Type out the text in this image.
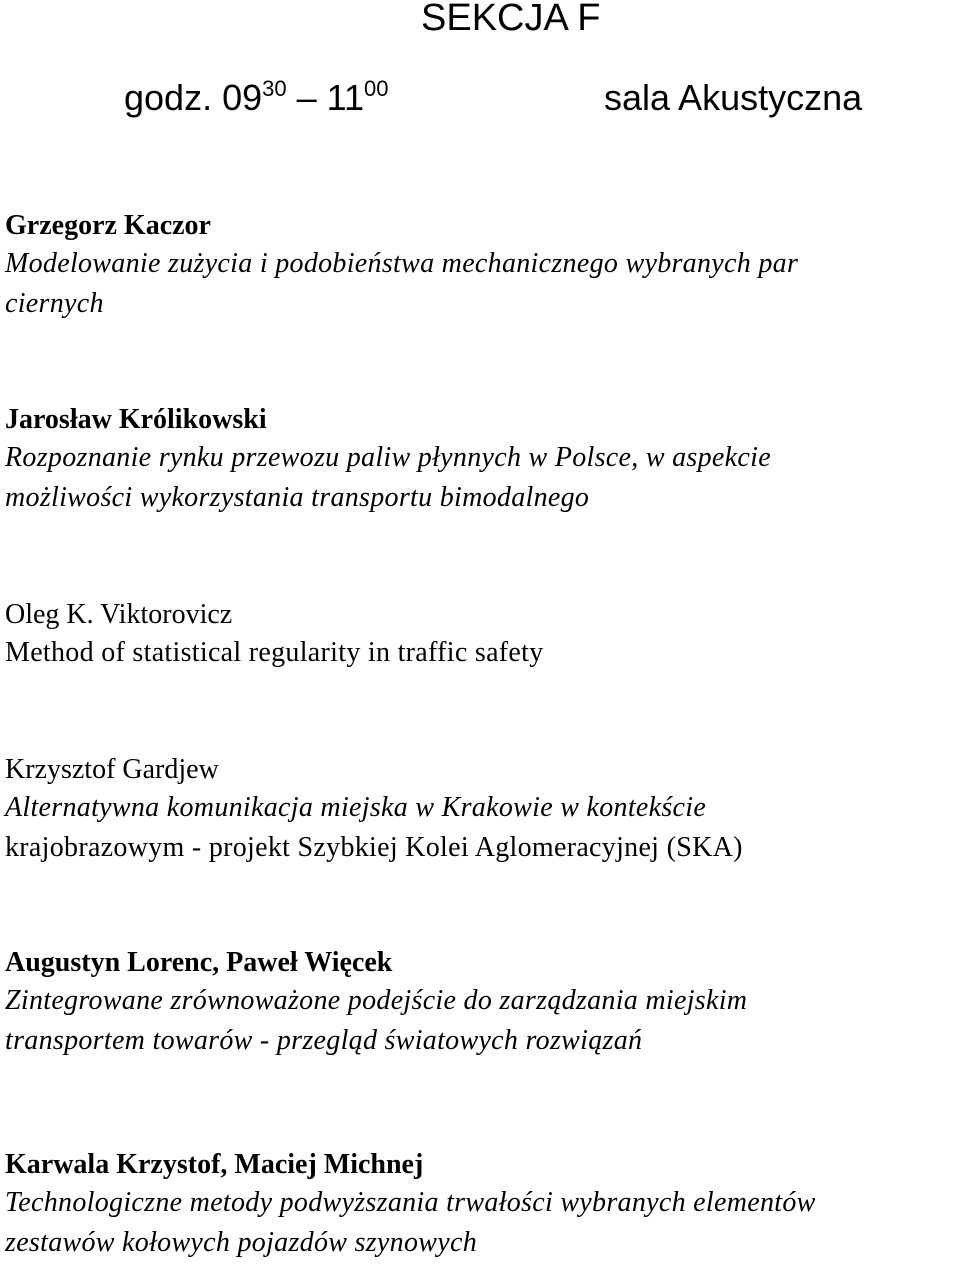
SEKCJA F
godz. $09^{30} - 11^{00}$	sala Akustyczna
Grzegorz Kaczor
Modelowanie zużycia i podobieństwa mechanicznego wybranych par
ciernych
Jarosław Królikowski
Rozpoznanie rynku przewozu paliw płynnych w Polsce, w aspekcie
możliwości wykorzystania transportu bimodalnego
Oleg K. Viktorovicz
Method of statistical regularity in traffic safety
Krzysztof Gardjew
Alternatywna komunikacja miejska w Krakowie w kontekście
krajobrazowym - projekt Szybkiej Kolei Aglomeracyjnej (SKA)
Augustyn Lorenc, Paweł Więcek
Zintegrowane zrównoważone podejście do zarządzania miejskim
transportem towarów - przegląd światowych rozwiązań
Karwala Krzystof, Maciej Michnej
Technologiczne metody podwyższania trwałości wybranych elementów
zestawów kołowych pojazdów szynowych
